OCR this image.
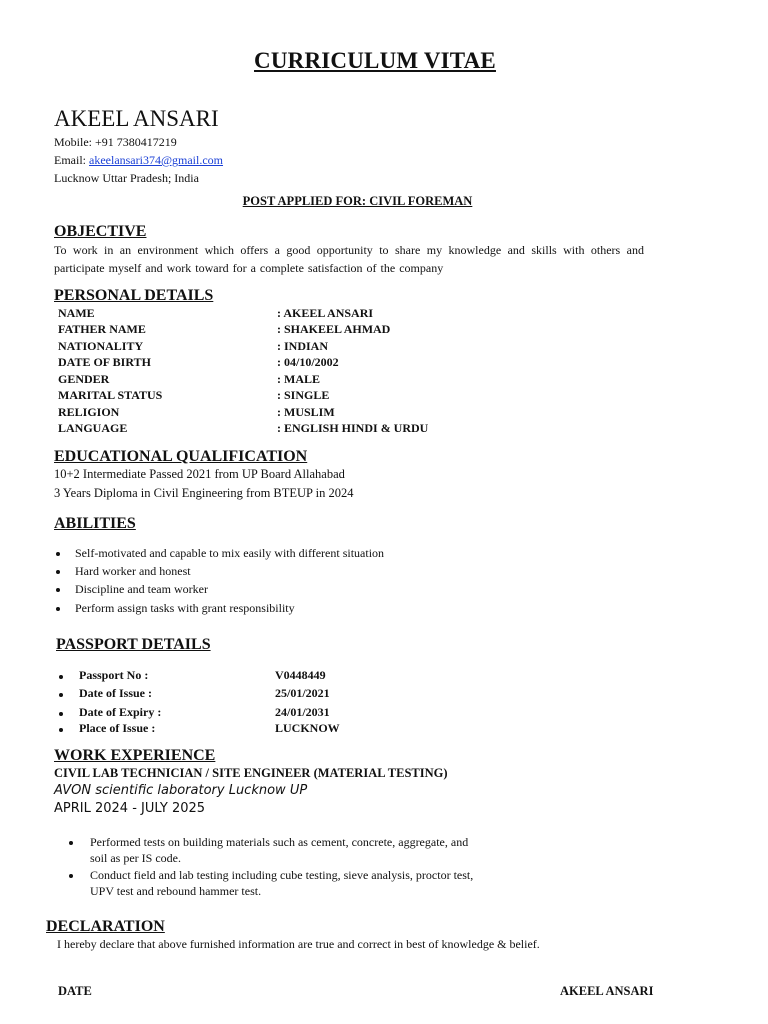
CURRICULUM VITAE
AKEEL ANSARI
Mobile: +91 7380417219
Email: akeelansari374@gmail.com
Lucknow Uttar Pradesh; India
POST APPLIED FOR: CIVIL FOREMAN
OBJECTIVE
To work in an environment which offers a good opportunity to share my knowledge and skills with others and participate myself and work toward for a complete satisfaction of the company
PERSONAL DETAILS
NAME	: AKEEL ANSARI
FATHER NAME	: SHAKEEL AHMAD
NATIONALITY	: INDIAN
DATE OF BIRTH	: 04/10/2002
GENDER	: MALE
MARITAL STATUS	: SINGLE
RELIGION	: MUSLIM
LANGUAGE	: ENGLISH HINDI & URDU
EDUCATIONAL QUALIFICATION
10+2 Intermediate Passed 2021 from UP Board Allahabad
3 Years Diploma in Civil Engineering from BTEUP in 2024
ABILITIES
Self-motivated and capable to mix easily with different situation
Hard worker and honest
Discipline and team worker
Perform assign tasks with grant responsibility
PASSPORT DETAILS
Passport No :	V0448449
Date of Issue :	25/01/2021
Date of Expiry :	24/01/2031
Place of Issue :	LUCKNOW
WORK EXPERIENCE
CIVIL LAB TECHNICIAN / SITE ENGINEER (MATERIAL TESTING)
AVON scientific laboratory Lucknow UP
APRIL 2024 - JULY 2025
Performed tests on building materials such as cement, concrete, aggregate, and
soil as per IS code.
Conduct field and lab testing including cube testing, sieve analysis, proctor test,
UPV test and rebound hammer test.
DECLARATION
I hereby declare that above furnished information are true and correct in best of knowledge & belief.
DATE	AKEEL ANSARI
